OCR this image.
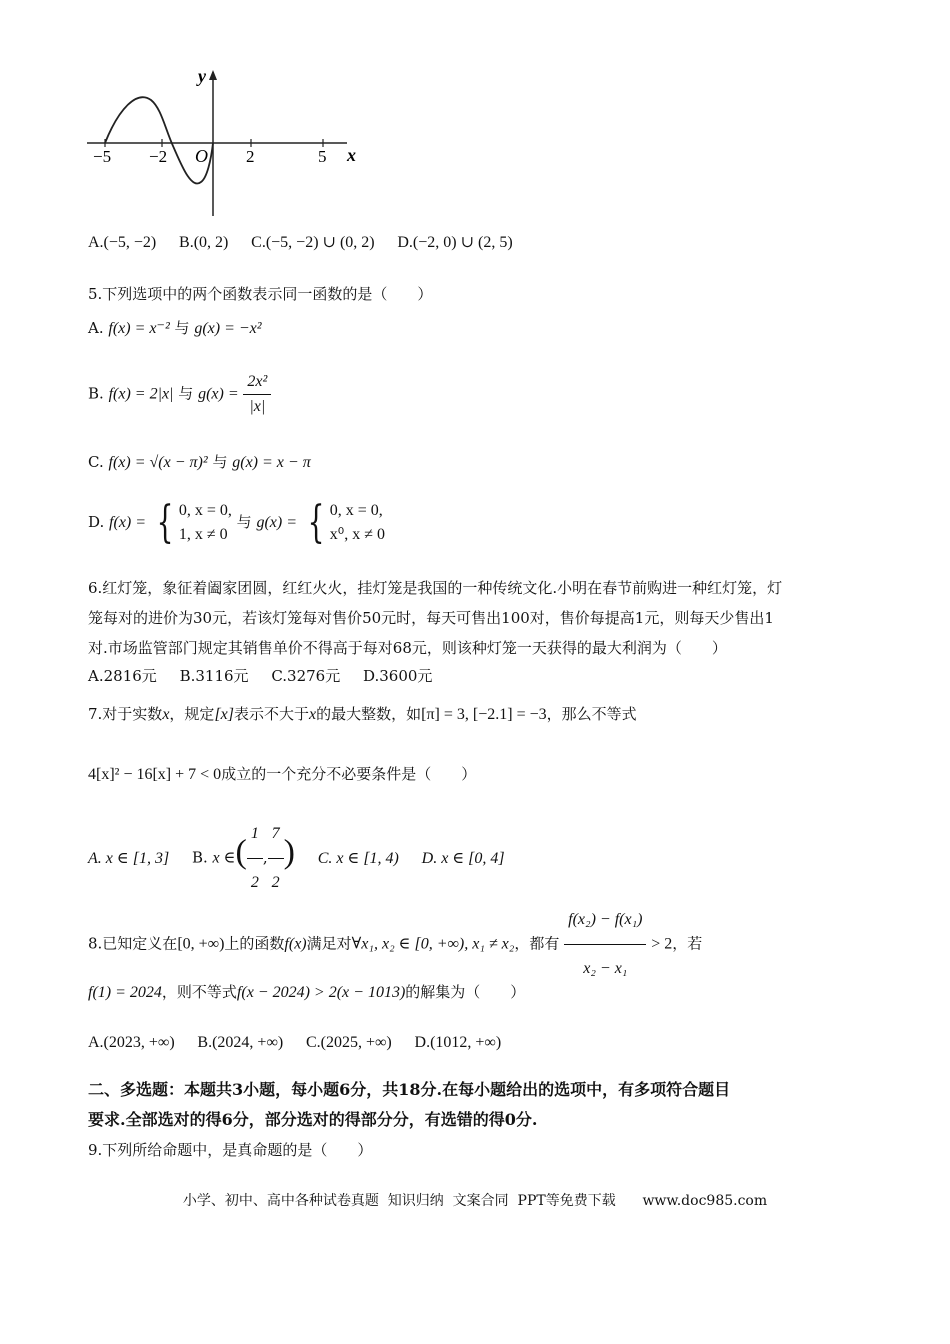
y
x
O
−5 −2	2	5
A.(−5, −2) B.(0, 2) C.(−5, −2) ∪ (0, 2) D.(−2, 0) ∪ (2, 5)
5.下列选项中的两个函数表示同一函数的是（　　）
A. f(x) = x⁻² 与 g(x) = −x²
B. f(x) = 2|x| 与 $g(x) = \frac{\text{2x²}}{|x|}$
C. f(x) = √(x − π)² 与 g(x) = x − π
D. f(x) = { 0, x = 0,
1, x ≠ 0
与 g(x) = { 0, x = 0,
x⁰, x ≠ 0
6.红灯笼，象征着阖家团圆，红红火火，挂灯笼是我国的一种传统文化.小明在春节前购进一种红灯笼，灯
笼每对的进价为30元，若该灯笼每对售价50元时，每天可售出100对，售价每提高1元，则每天少售出1
对.市场监管部门规定其销售单价不得高于每对68元，则该种灯笼一天获得的最大利润为（　　）
A.2816元 B.3116元 C.3276元 D.3600元
7.对于实数x，规定[x]表示不大于x的最大整数，如[π] = 3, [−2.1] = −3，那么不等式
4[x]² − 16[x] + 7 < 0成立的一个充分不必要条件是（　　）
A. x ∈ [1, 3] B. x ∈( $\frac{1}{2}$ , $\frac{7}{2}$ ) C. x ∈ [1, 4) D. x ∈ [0, 4]
8.已知定义在[0, +∞)上的函数f(x)满足对∀x₁, x₂ ∈ [0, +∞), x₁ ≠ x₂，都有 $\frac{\text{f(x₂) − f(x₁)}}{\text{x₂ − x₁}} > 2$，若
f(1) = 2024，则不等式f(x − 2024) > 2(x − 1013)的解集为（　　）
A.(2023, +∞) B.(2024, +∞) C.(2025, +∞) D.(1012, +∞)
二、多选题：本题共3小题，每小题6分，共18分.在每小题给出的选项中，有多项符合题目
要求.全部选对的得6分，部分选对的得部分分，有选错的得0分.
9.下列所给命题中，是真命题的是（　　）
小学、初中、高中各种试卷真题  知识归纳  文案合同  PPT等免费下载      www.doc985.com
